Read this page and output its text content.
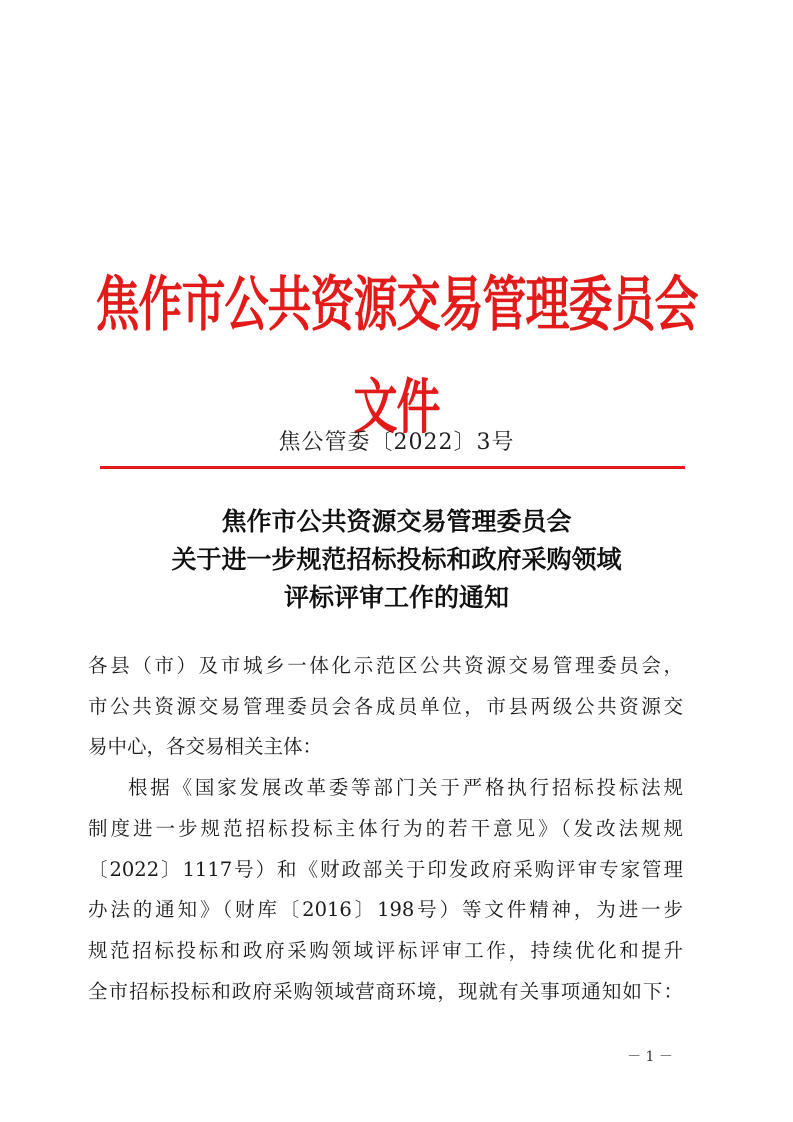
焦作市公共资源交易管理委员会文件
焦公管委〔2022〕3号
焦作市公共资源交易管理委员会
关于进一步规范招标投标和政府采购领域
评标评审工作的通知
各县（市）及市城乡一体化示范区公共资源交易管理委员会，
市公共资源交易管理委员会各成员单位，市县两级公共资源交
易中心，各交易相关主体：
根据《国家发展改革委等部门关于严格执行招标投标法规
制度进一步规范招标投标主体行为的若干意见》（发改法规规
〔2022〕1117号）和《财政部关于印发政府采购评审专家管理
办法的通知》（财库〔2016〕198号）等文件精神，为进一步
规范招标投标和政府采购领域评标评审工作，持续优化和提升
全市招标投标和政府采购领域营商环境，现就有关事项通知如下：
－ 1 －
